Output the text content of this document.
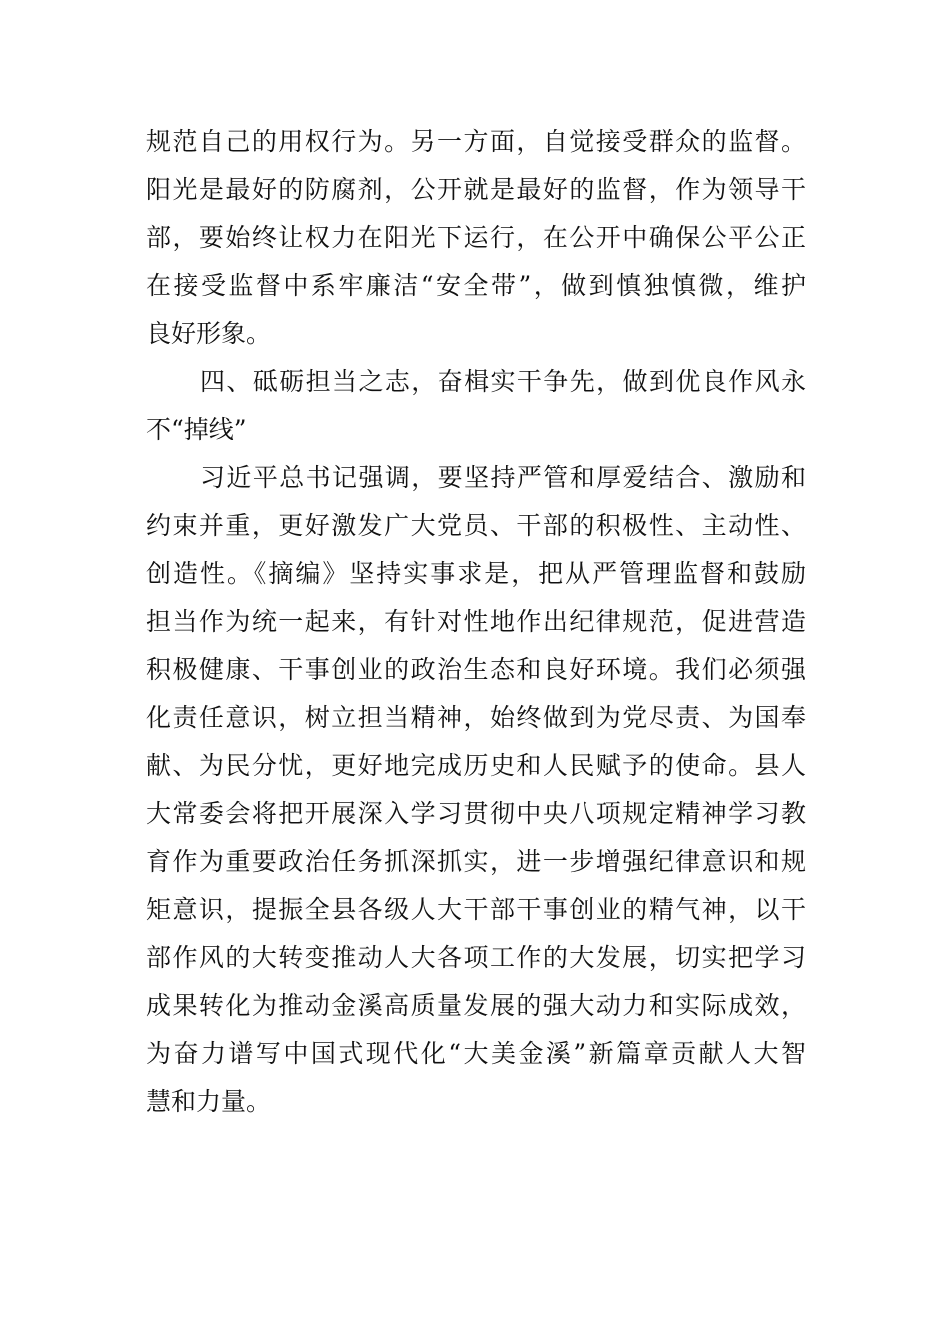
规范自己的用权行为。另一方面，自觉接受群众的监督。
阳光是最好的防腐剂，公开就是最好的监督，作为领导干
部，要始终让权力在阳光下运行，在公开中确保公平公正
在接受监督中系牢廉洁“安全带”，做到慎独慎微，维护
良好形象。
四、砥砺担当之志，奋楫实干争先，做到优良作风永
不“掉线”
习近平总书记强调，要坚持严管和厚爱结合、激励和
约束并重，更好激发广大党员、干部的积极性、主动性、
创造性。《摘编》坚持实事求是，把从严管理监督和鼓励
担当作为统一起来，有针对性地作出纪律规范，促进营造
积极健康、干事创业的政治生态和良好环境。我们必须强
化责任意识，树立担当精神，始终做到为党尽责、为国奉
献、为民分忧，更好地完成历史和人民赋予的使命。县人
大常委会将把开展深入学习贯彻中央八项规定精神学习教
育作为重要政治任务抓深抓实，进一步增强纪律意识和规
矩意识，提振全县各级人大干部干事创业的精气神，以干
部作风的大转变推动人大各项工作的大发展，切实把学习
成果转化为推动金溪高质量发展的强大动力和实际成效，
为奋力谱写中国式现代化“大美金溪”新篇章贡献人大智
慧和力量。
